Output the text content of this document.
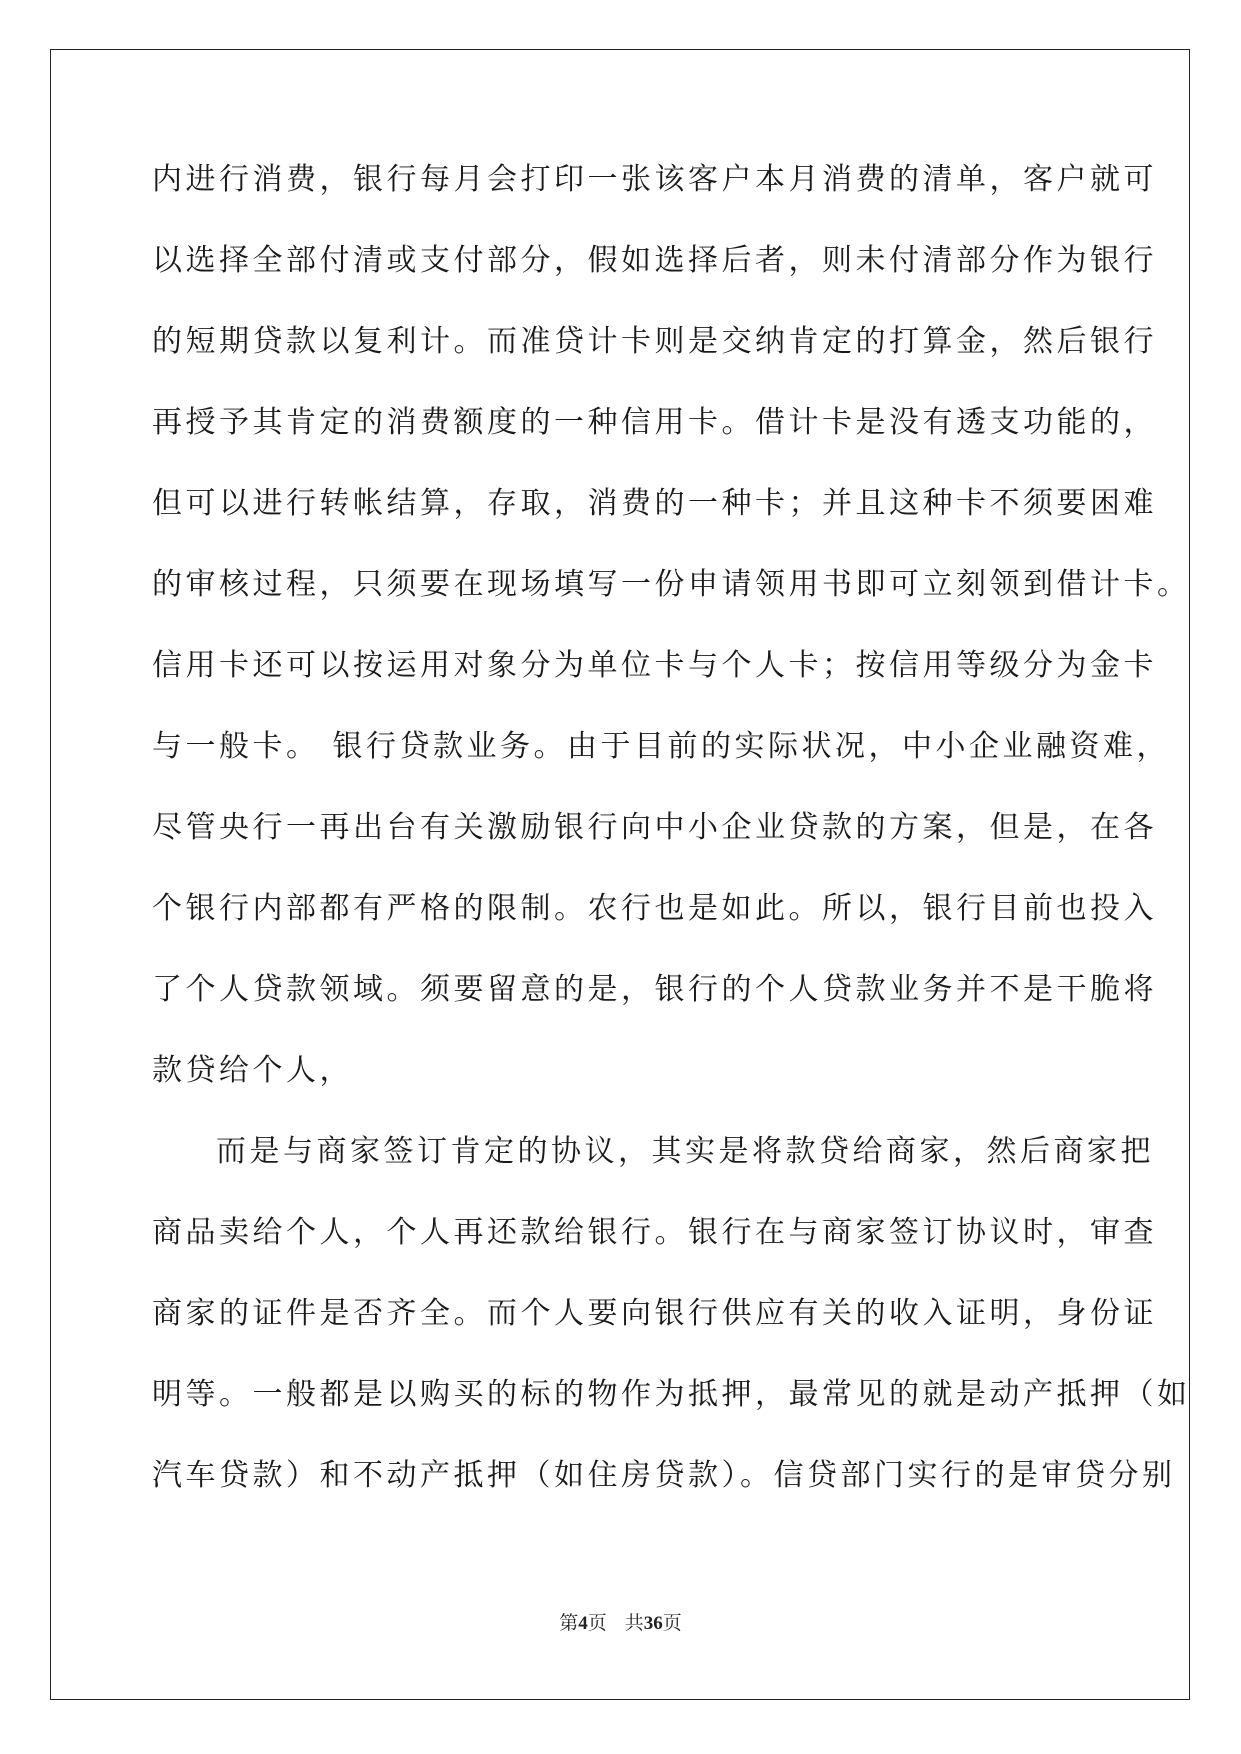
内进行消费，银行每月会打印一张该客户本月消费的清单，客户就可
以选择全部付清或支付部分，假如选择后者，则未付清部分作为银行
的短期贷款以复利计。而准贷计卡则是交纳肯定的打算金，然后银行
再授予其肯定的消费额度的一种信用卡。借计卡是没有透支功能的，
但可以进行转帐结算，存取，消费的一种卡；并且这种卡不须要困难
的审核过程，只须要在现场填写一份申请领用书即可立刻领到借计卡。
信用卡还可以按运用对象分为单位卡与个人卡；按信用等级分为金卡
与一般卡。 银行贷款业务。由于目前的实际状况，中小企业融资难，
尽管央行一再出台有关激励银行向中小企业贷款的方案，但是，在各
个银行内部都有严格的限制。农行也是如此。所以，银行目前也投入
了个人贷款领域。须要留意的是，银行的个人贷款业务并不是干脆将
款贷给个人，
而是与商家签订肯定的协议，其实是将款贷给商家，然后商家把
商品卖给个人，个人再还款给银行。银行在与商家签订协议时，审查
商家的证件是否齐全。而个人要向银行供应有关的收入证明，身份证
明等。一般都是以购买的标的物作为抵押，最常见的就是动产抵押（如
汽车贷款）和不动产抵押（如住房贷款）。信贷部门实行的是审贷分别
第4页 共36页
